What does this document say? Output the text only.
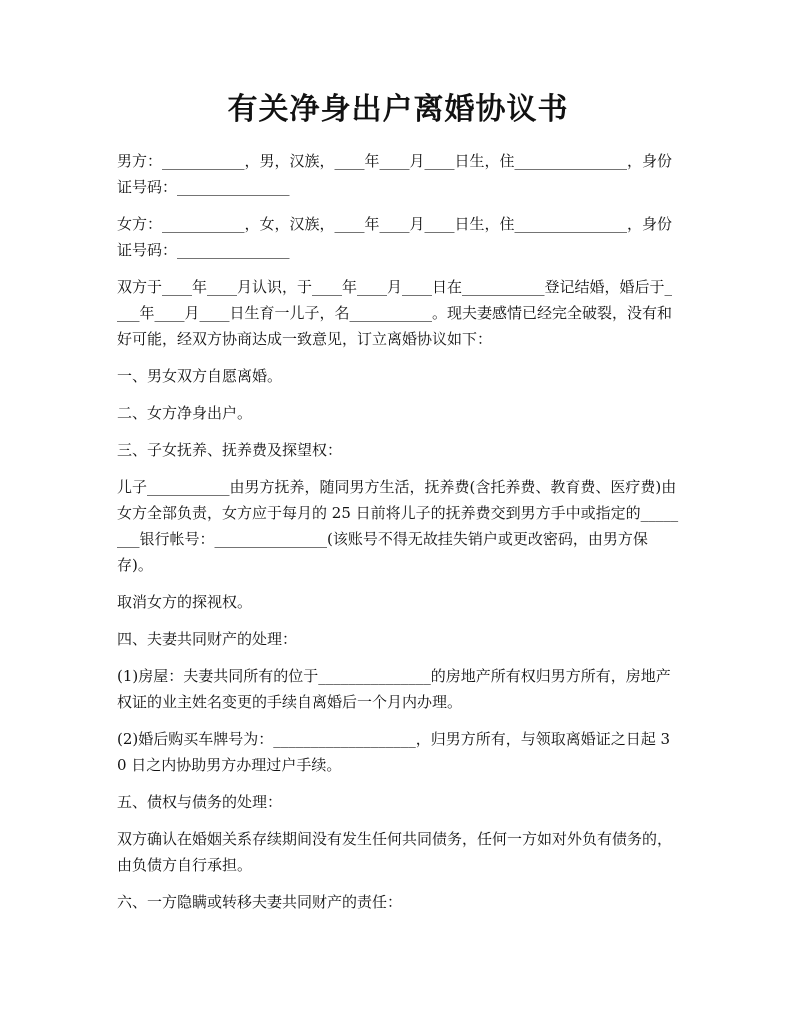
有关净身出户离婚协议书

男方：___________，男，汉族，____年____月____日生，住_______________，身份证号码：_______________

女方：___________，女，汉族，____年____月____日生，住_______________，身份证号码：_______________

双方于____年____月认识，于____年____月____日在___________登记结婚，婚后于____年____月____日生育一儿子，名___________。现夫妻感情已经完全破裂，没有和好可能，经双方协商达成一致意见，订立离婚协议如下：

一、男女双方自愿离婚。

二、女方净身出户。

三、子女抚养、抚养费及探望权：

儿子___________由男方抚养，随同男方生活，抚养费(含托养费、教育费、医疗费)由女方全部负责，女方应于每月的 25 日前将儿子的抚养费交到男方手中或指定的________银行帐号：_______________(该账号不得无故挂失销户或更改密码，由男方保存)。

取消女方的探视权。

四、夫妻共同财产的处理：

(1)房屋：夫妻共同所有的位于_______________的房地产所有权归男方所有，房地产权证的业主姓名变更的手续自离婚后一个月内办理。

(2)婚后购买车牌号为：___________________，归男方所有，与领取离婚证之日起 30 日之内协助男方办理过户手续。

五、债权与债务的处理：

双方确认在婚姻关系存续期间没有发生任何共同债务，任何一方如对外负有债务的，由负债方自行承担。

六、一方隐瞒或转移夫妻共同财产的责任：
